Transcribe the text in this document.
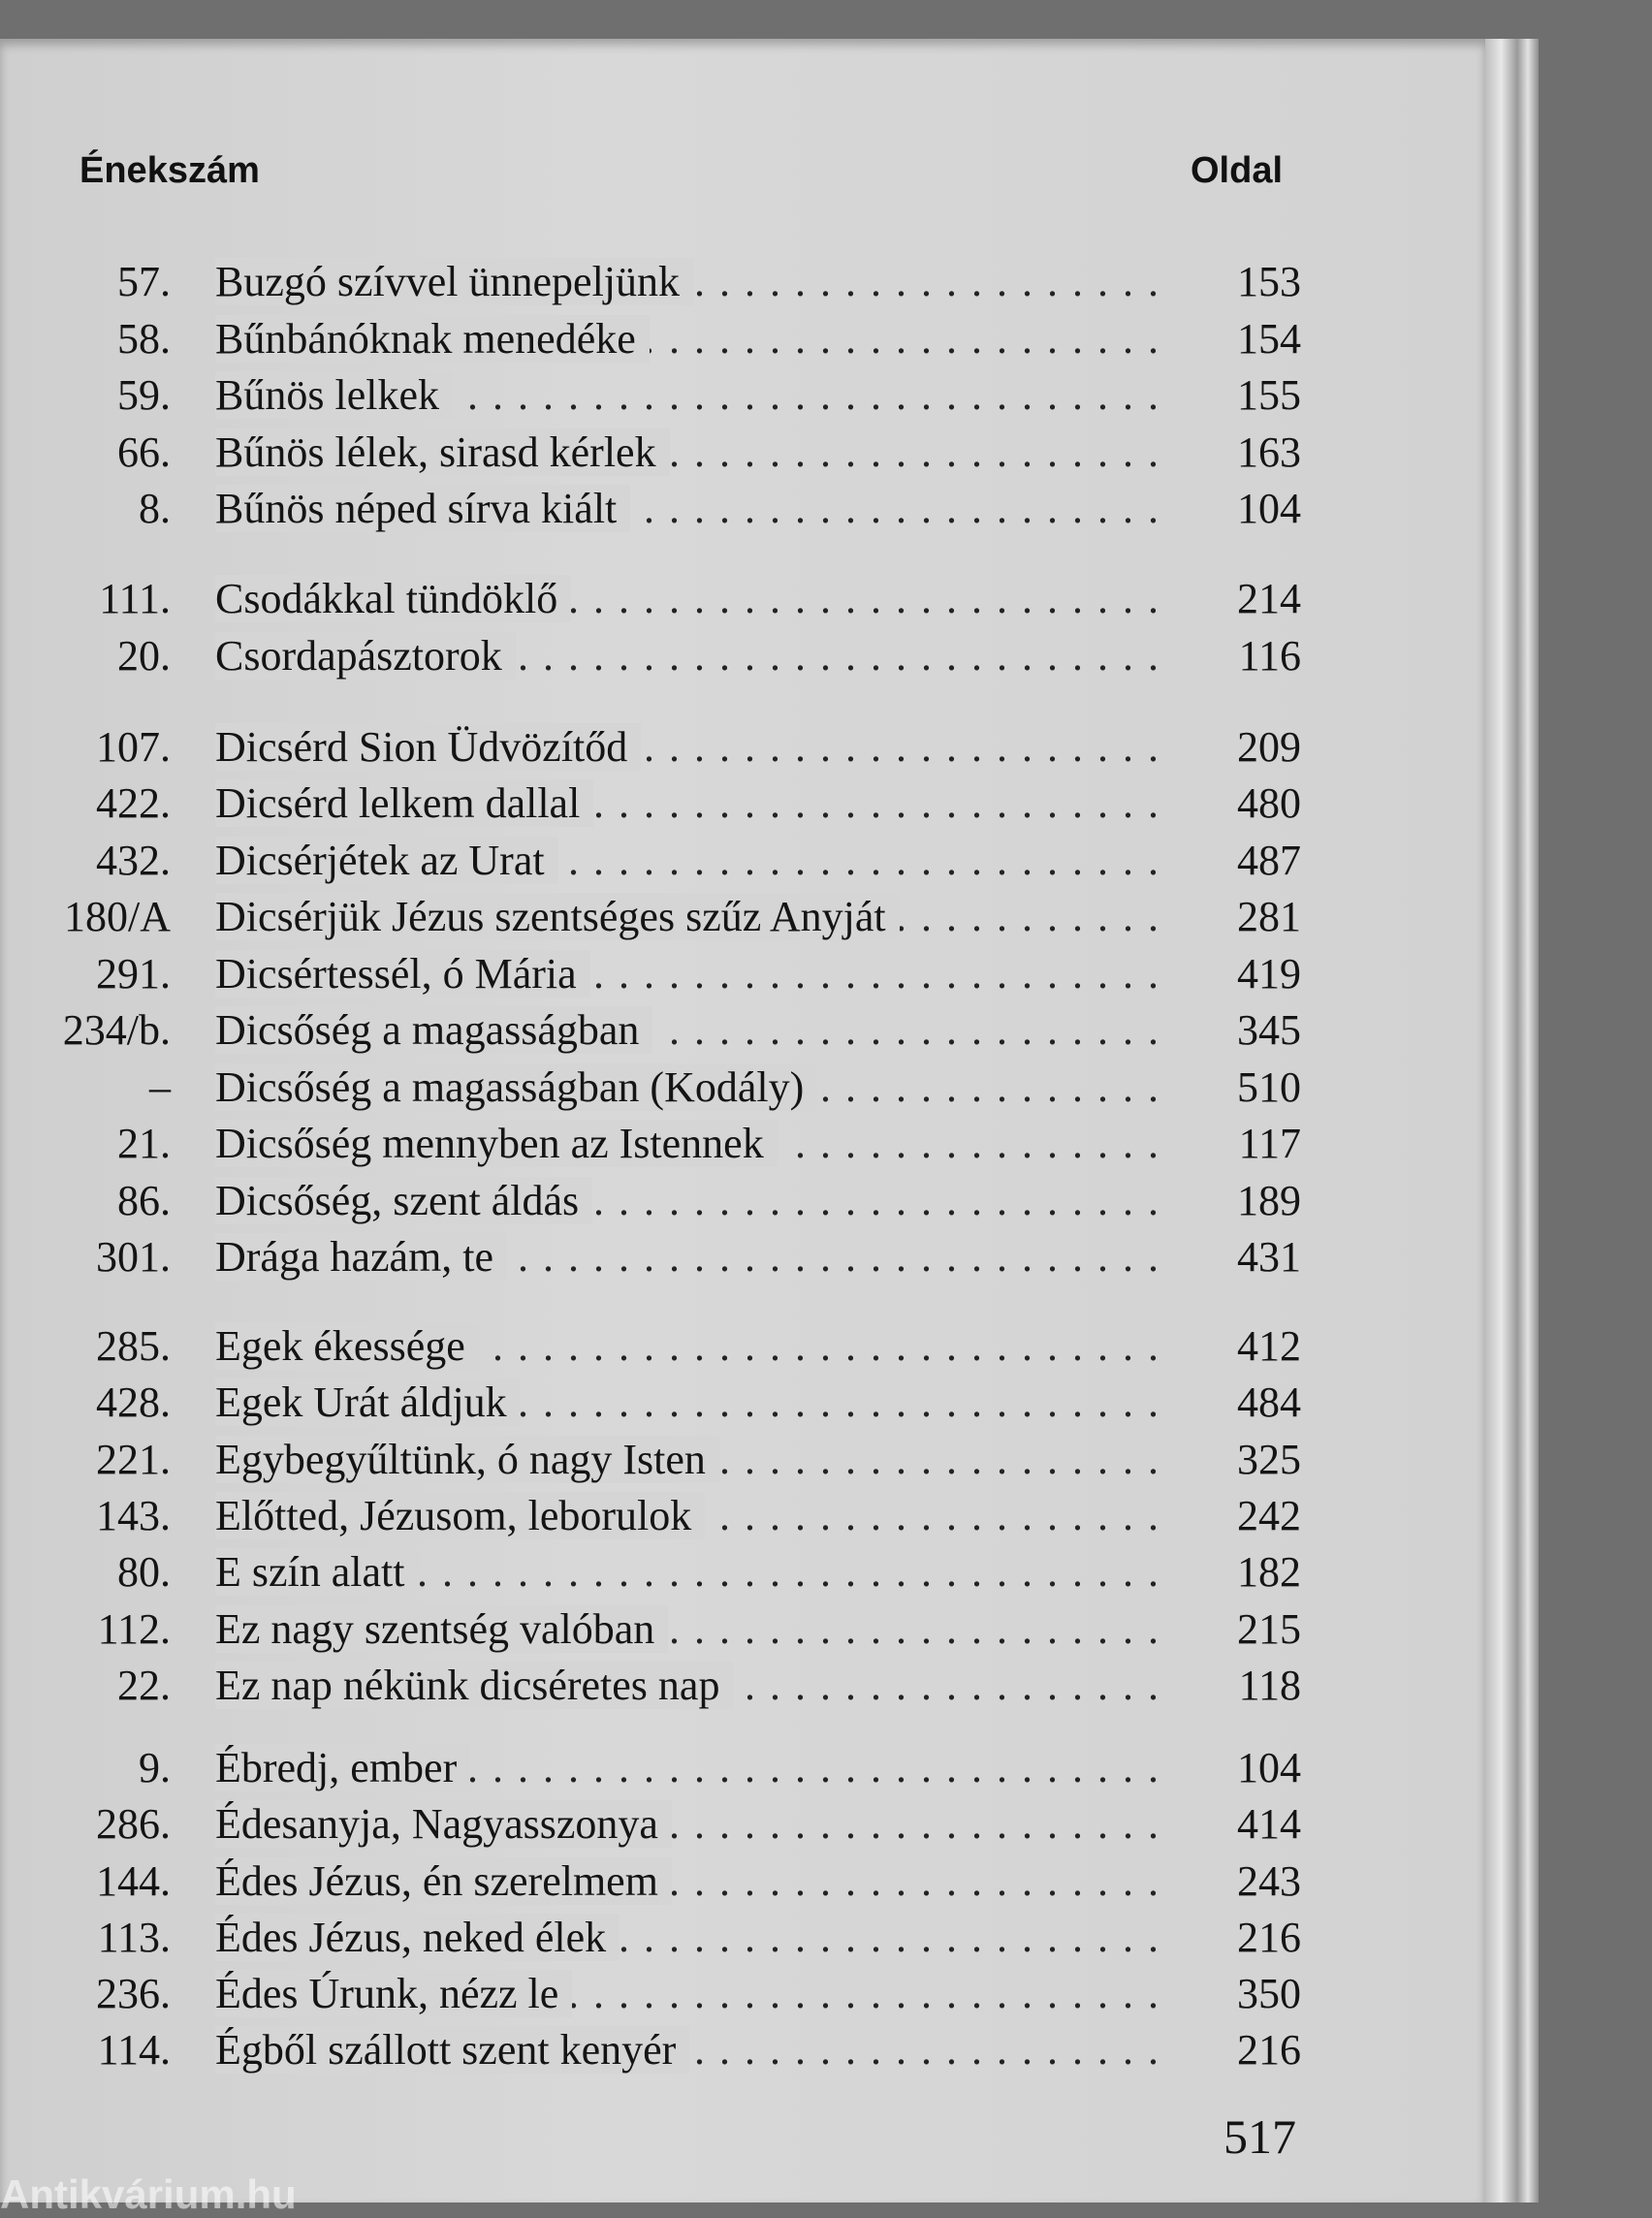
Énekszám	Oldal
57. Buzgó szívvel ünnepeljünk . . .	153
58. Bűnbánóknak menedéke . . .	154
59. Bűnös lelkek . . .	155
66. Bűnös lélek, sirasd kérlek . . .	163
8. Bűnös néped sírva kiált . . .	104
111. Csodákkal tündöklő . . .	214
20. Csordapásztorok . . .	116
107. Dicsérd Sion Üdvözítőd . . .	209
422. Dicsérd lelkem dallal . . .	480
432. Dicsérjétek az Urat . . .	487
180/A Dicsérjük Jézus szentséges szűz Anyját . . .	281
291. Dicsértessél, ó Mária . . .	419
234/b. Dicsőség a magasságban . . .	345
– Dicsőség a magasságban (Kodály) . . .	510
21. Dicsőség mennyben az Istennek . . .	117
86. Dicsőség, szent áldás . . .	189
301. Drága hazám, te . . .	431
285. Egek ékessége . . .	412
428. Egek Urát áldjuk . . .	484
221. Egybegyűltünk, ó nagy Isten . . .	325
143. Előtted, Jézusom, leborulok . . .	242
80. E szín alatt . . .	182
112. Ez nagy szentség valóban . . .	215
22. Ez nap nékünk dicséretes nap . . .	118
9. Ébredj, ember . . .	104
286. Édesanyja, Nagyasszonya . . .	414
144. Édes Jézus, én szerelmem . . .	243
113. Édes Jézus, neked élek . . .	216
236. Édes Úrunk, nézz le . . .	350
114. Égből szállott szent kenyér . . .	216
517
Antikvárium.hu
